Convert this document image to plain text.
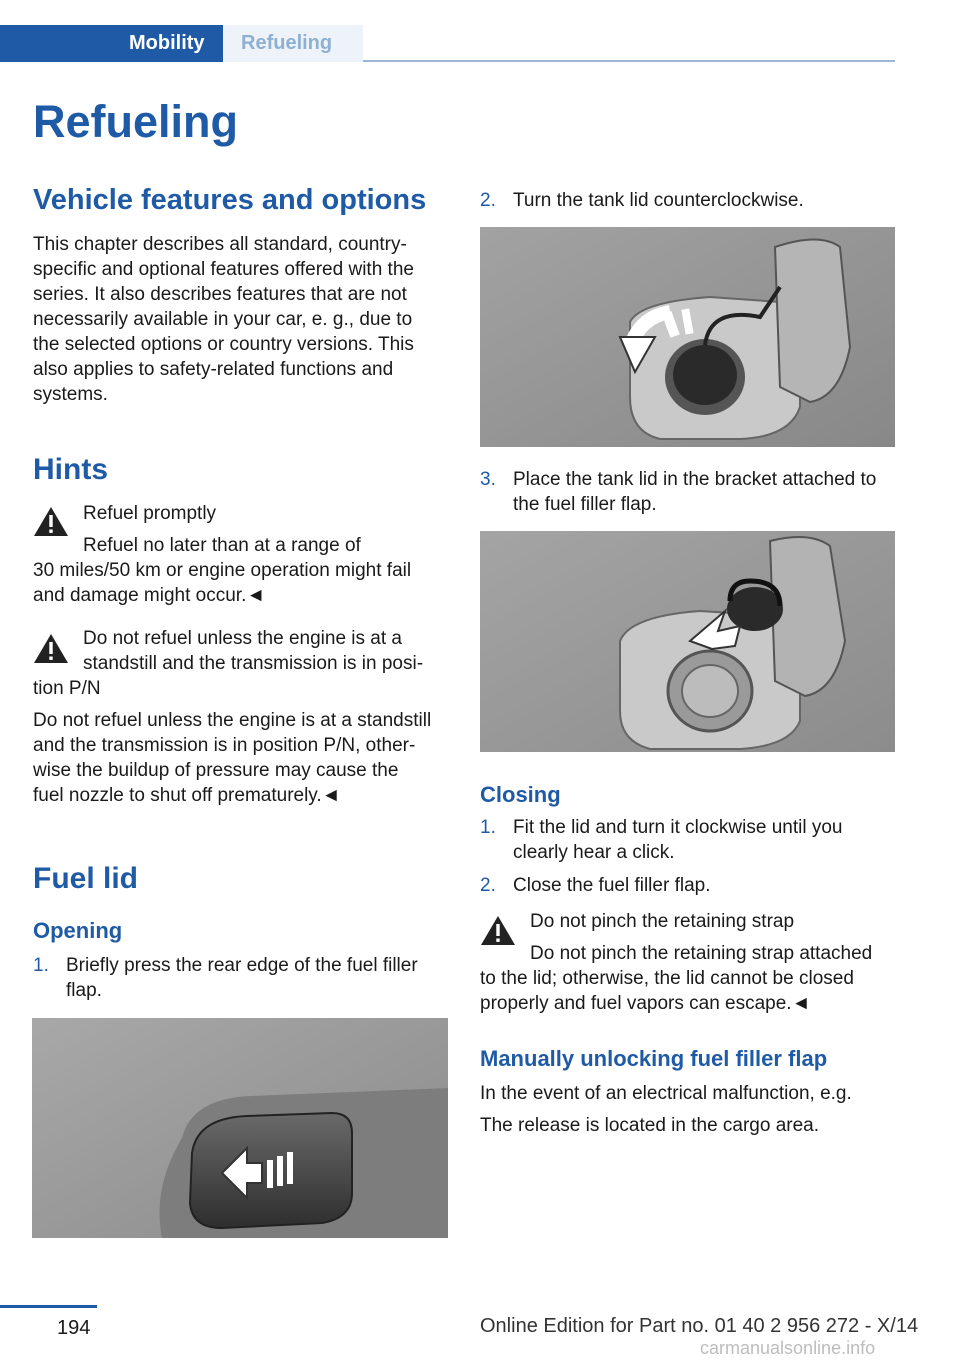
Mobility	Refueling
Refueling
Vehicle features and options
This chapter describes all standard, country-
specific and optional features offered with the
series. It also describes features that are not
necessarily available in your car, e. g., due to
the selected options or country versions. This
also applies to safety-related functions and
systems.
Hints
Refuel promptly
Refuel no later than at a range of
30 miles/50 km or engine operation might fail
and damage might occur.◄
Do not refuel unless the engine is at a
standstill and the transmission is in posi-
tion P/N
Do not refuel unless the engine is at a standstill
and the transmission is in position P/N, other-
wise the buildup of pressure may cause the
fuel nozzle to shut off prematurely.◄
Fuel lid
Opening
1. Briefly press the rear edge of the fuel filler
flap.
2. Turn the tank lid counterclockwise.
3. Place the tank lid in the bracket attached to
the fuel filler flap.
Closing
1. Fit the lid and turn it clockwise until you
clearly hear a click.
2. Close the fuel filler flap.
Do not pinch the retaining strap
Do not pinch the retaining strap attached
to the lid; otherwise, the lid cannot be closed
properly and fuel vapors can escape.◄
Manually unlocking fuel filler flap
In the event of an electrical malfunction, e.g.
The release is located in the cargo area.
194	Online Edition for Part no. 01 40 2 956 272 - X/14
carmanualsonline.info
